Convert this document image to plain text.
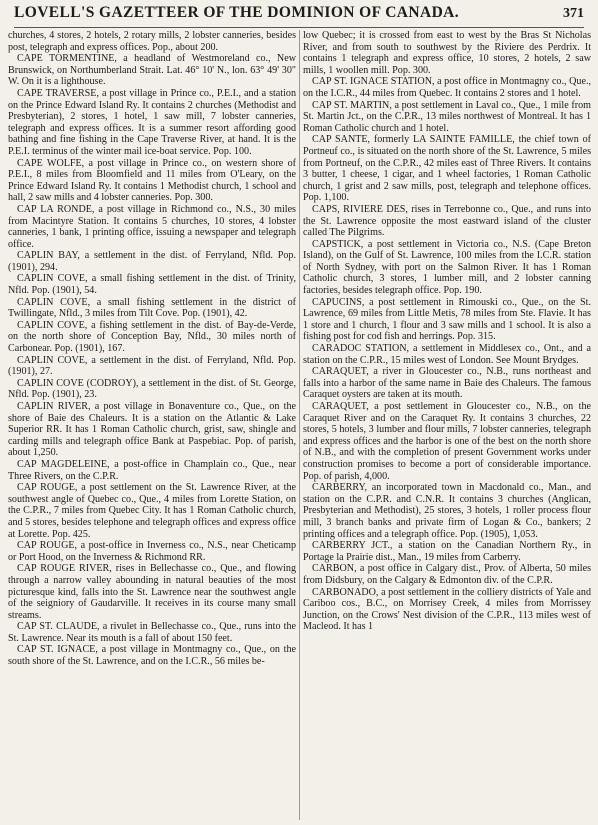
LOVELL'S GAZETTEER OF THE DOMINION OF CANADA.	371

churches, 4 stores, 2 hotels, 2 rotary mills, 2 lobster canneries, besides post, telegraph and express offices. Pop., about 200.

CAPE TORMENTINE, a headland of Westmoreland co., New Brunswick, on Northumberland Strait. Lat. 46° 10' N., lon. 63° 49' 30" W. On it is a lighthouse.

CAPE TRAVERSE, a post village in Prince co., P.E.I., and a station on the Prince Edward Island Ry. It contains 2 churches (Methodist and Presbyterian), 2 stores, 1 hotel, 1 saw mill, 7 lobster canneries, telegraph and express offices. It is a summer resort affording good bathing and fine fishing in the Cape Traverse River, at hand. It is the P.E.I. terminus of the winter mail ice-boat service. Pop. 100.

CAPE WOLFE, a post village in Prince co., on western shore of P.E.I., 8 miles from Bloomfield and 11 miles from O'Leary, on the Prince Edward Island Ry. It contains 1 Methodist church, 1 school and hall, 2 saw mills and 4 lobster canneries. Pop. 300.

CAP LA RONDE, a post village in Richmond co., N.S., 30 miles from Macintyre Station. It contains 5 churches, 10 stores, 4 lobster canneries, 1 bank, 1 printing office, issuing a newspaper and telegraph office.

CAPLIN BAY, a settlement in the dist. of Ferryland, Nfld. Pop. (1901), 294.

CAPLIN COVE, a small fishing settlement in the dist. of Trinity, Nfld. Pop. (1901), 54.

CAPLIN COVE, a small fishing settlement in the district of Twillingate, Nfld., 3 miles from Tilt Cove. Pop. (1901), 42.

CAPLIN COVE, a fishing settlement in the dist. of Bay-de-Verde, on the north shore of Conception Bay, Nfld., 30 miles north of Carbonear. Pop. (1901), 167.

CAPLIN COVE, a settlement in the dist. of Ferryland, Nfld. Pop. (1901), 27.

CAPLIN COVE (CODROY), a settlement in the dist. of St. George, Nfld. Pop. (1901), 23.

CAPLIN RIVER, a post village in Bonaventure co., Que., on the shore of Baie des Chaleurs. It is a station on the Atlantic & Lake Superior RR. It has 1 Roman Catholic church, grist, saw, shingle and carding mills and telegraph office Bank at Paspebiac. Pop. of parish, about 1,250.

CAP MAGDELEINE, a post-office in Champlain co., Que., near Three Rivers, on the C.P.R.

CAP ROUGE, a post settlement on the St. Lawrence River, at the southwest angle of Quebec co., Que., 4 miles from Lorette Station, on the C.P.R., 7 miles from Quebec City. It has 1 Roman Catholic church, and 5 stores, besides telephone and telegraph offices and express office at Lorette. Pop. 425.

CAP ROUGE, a post-office in Inverness co., N.S., near Cheticamp or Port Hood, on the Inverness & Richmond RR.

CAP ROUGE RIVER, rises in Bellechasse co., Que., and flowing through a narrow valley abounding in natural beauties of the most picturesque kind, falls into the St. Lawrence near the southwest angle of the seigniory of Gaudarville. It receives in its course many small streams.

CAP ST. CLAUDE, a rivulet in Bellechasse co., Que., runs into the St. Lawrence. Near its mouth is a fall of about 150 feet.

CAP ST. IGNACE, a post village in Montmagny co., Que., on the south shore of the St. Lawrence, and on the I.C.R., 56 miles be-

low Quebec; it is crossed from east to west by the Bras St Nicholas River, and from south to southwest by the Riviere des Perdrix. It contains 1 telegraph and express office, 10 stores, 2 hotels, 2 saw mills, 1 woollen mill. Pop. 300.

CAP ST. IGNACE STATION, a post office in Montmagny co., Que., on the I.C.R., 44 miles from Quebec. It contains 2 stores and 1 hotel.

CAP ST. MARTIN, a post settlement in Laval co., Que., 1 mile from St. Martin Jct., on the C.P.R., 13 miles northwest of Montreal. It has 1 Roman Catholic church and 1 hotel.

CAP SANTE, formerly LA SAINTE FAMILLE, the chief town of Portneuf co., is situated on the north shore of the St. Lawrence, 5 miles from Portneuf, on the C.P.R., 42 miles east of Three Rivers. It contains 3 butter, 1 cheese, 1 cigar, and 1 wheel factories, 1 Roman Catholic church, 1 grist and 2 saw mills, post, telegraph and telephone offices. Pop. 1,100.

CAPS, RIVIERE DES, rises in Terrebonne co., Que., and runs into the St. Lawrence opposite the most eastward island of the cluster called The Pilgrims.

CAPSTICK, a post settlement in Victoria co., N.S. (Cape Breton Island), on the Gulf of St. Lawrence, 100 miles from the I.C.R. station of North Sydney, with port on the Salmon River. It has 1 Roman Catholic church, 3 stores, 1 lumber mill, and 2 lobster canning factories, besides telegraph office. Pop. 190.

CAPUCINS, a post settlement in Rimouski co., Que., on the St. Lawrence, 69 miles from Little Metis, 78 miles from Ste. Flavie. It has 1 store and 1 church, 1 flour and 3 saw mills and 1 school. It is also a fishing post for cod fish and herrings. Pop. 315.

CARADOC STATION, a settlement in Middlesex co., Ont., and a station on the C.P.R., 15 miles west of London. See Mount Brydges.

CARAQUET, a river in Gloucester co., N.B., runs northeast and falls into a harbor of the same name in Baie des Chaleurs. The famous Caraquet oysters are taken at its mouth.

CARAQUET, a post settlement in Gloucester co., N.B., on the Caraquet River and on the Caraquet Ry. It contains 3 churches, 22 stores, 5 hotels, 3 lumber and flour mills, 7 lobster canneries, telegraph and express offices and the harbor is one of the best on the north shore of N.B., and with the completion of present Government works under construction promises to become a port of considerable importance. Pop. of parish, 4,000.

CARBERRY, an incorporated town in Macdonald co., Man., and station on the C.P.R. and C.N.R. It contains 3 churches (Anglican, Presbyterian and Methodist), 25 stores, 3 hotels, 1 roller process flour mill, 3 branch banks and private firm of Logan & Co., bankers; 2 printing offices and a telegraph office. Pop. (1905), 1,053.

CARBERRY JCT., a station on the Canadian Northern Ry., in Portage la Prairie dist., Man., 19 miles from Carberry.

CARBON, a post office in Calgary dist., Prov. of Alberta, 50 miles from Didsbury, on the Calgary & Edmonton div. of the C.P.R.

CARBONADO, a post settlement in the colliery districts of Yale and Cariboo cos., B.C., on Morrisey Creek, 4 miles from Morrissey Junction, on the Crows' Nest division of the C.P.R., 113 miles west of Macleod. It has 1
